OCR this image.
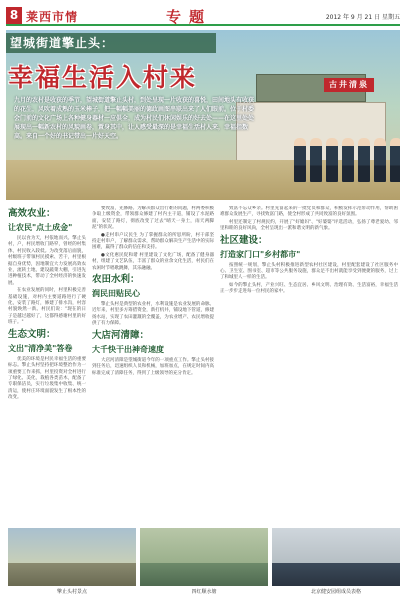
8 莱西市情	专题	2012 年 9 月 21 日 星期五
古井清泉
望城街道擎止头：
幸福生活入村来
九月的农村是收获的季节，望城街道擎止头村，到处呈现一片收获的喜悦，田间地头有收获的花生，风吹着成熟的玉米棒子，把一幅幅美丽的德政画图串联出来了人们眼前。位于村委会门前的文化广场上各种健身器材一应俱全，成为村民们休闲娱乐的好去处——在这里处处展现出一幅新农村的风貌画卷，置身其中，让人感受最深的是幸福生活村人来，幸福指数高。来自一个好的书记带出一片好天空。
高效农业：
让农民"点土成金"

民以食为天，村依地而兴。擎止头村，户，村民增收门路窄，曾经的村集体，村民收入较低。为改变落后面貌，村级班子带领村民摸索、苦干，村里根据自身优势，因地制宜大力发展高效农业，流转土地，建设蔬菜大棚，引进先进种植技术，带动了全村经济的快速发展。

在农业发展的同时，村里积极完善基础设施，对村内主要道路进行了硬化，安装了路灯，修建了排水沟，村容村貌焕然一新。村民们说："现在的日子是越过越好了，这都得感谢村里的好班子。"

生态文明：
文出"清净美"答卷

优美的环境是村民幸福生活的重要标志。擎止头村坚持把环境整治作为一项重要工作来抓，村里投资对全村进行了绿化、美化，栽植各类苗木，配备了专职保洁员，实行垃圾集中收集、统一清运，使村庄环境面貌发生了根本性的改变。

要致富，先修路。为解决群众出行难的问题，村两委积极争取上级资金，带领群众修建了村内主干道，铺设了水泥路面，安装了路灯，彻底改变了过去"晴天一身土，雨天两脚泥"的状况。

●走村串户议民生 为了掌握群众的所思所盼，村干部坚持走村串户，了解群众需求，帮助群众解决生产生活中的实际困难，赢得了群众的信任和支持。

●文化惠民促和谐 村里建设了文化广场，配备了健身器材，组建了文艺队伍，丰富了群众的业余文化生活，村民们在农闲时节唱歌跳舞，其乐融融。

农田水利：
润民田贴民心

擎止头村是典型的农业村，水利设施是农业发展的命脉。近年来，村里多方筹措资金，新打机井，铺设地下管道，修建扬水站，实现了农田灌溉的全覆盖，为农业增产、农民增收提供了有力保障。

大店河清障：
大千快干出神奇速度

大店河清障是望城街道今年的一项重点工作。擎止头村接到任务后，迅速组织人员和机械，加班加点，在规定时间内高标准完成了清障任务，得到了上级领导的充分肯定。

致富不忘众乡亲。村里先富起来的一批党员和群众，积极发挥示范带动作用，帮助困难群众发展生产，寻找致富门路，使全村形成了共同致富的良好氛围。

村里还制定了村规民约，开展了"好媳妇"、"好婆婆"评选活动，弘扬了尊老爱幼、邻里和睦的良好风尚，全村呈现出一派和谐文明的新气象。

社区建设：
打造家门口"乡村都市"

按照统一规划，擎止头村积极推进新型农村社区建设，村里配套建设了社区服务中心、卫生室、图书室、超市等公共服务设施，群众足不出村就能享受到便捷的服务，过上了和城里人一样的生活。

如今的擎止头村，产业兴旺、生态宜居、乡风文明、治理有效、生活富裕，幸福生活正一步步走进每一位村民的家中。

擎止头村景点	四红顺水塘	北京健安园组成员表格
